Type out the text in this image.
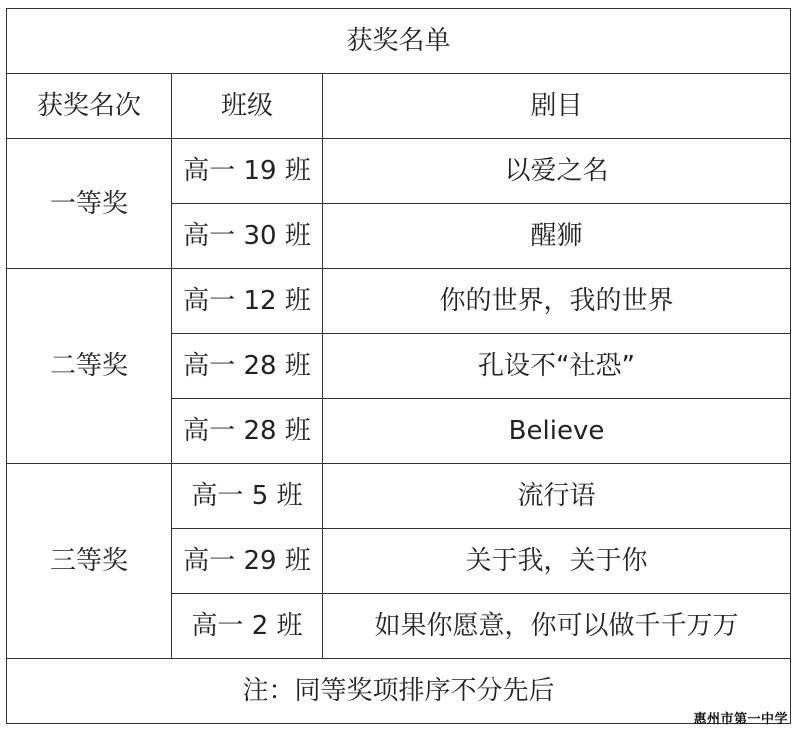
获奖名单		
获奖名次	班级	剧目
一等奖	高一 19 班	以爱之名
	高一 30 班	醒狮
二等奖	高一 12 班	你的世界，我的世界
	高一 28 班	孔设不“社恐”
	高一 28 班	Believe
三等奖	高一 5 班	流行语
	高一 29 班	关于我，关于你
	高一 2 班	如果你愿意，你可以做千千万万
注：同等奖项排序不分先后		
惠州市第一中学
